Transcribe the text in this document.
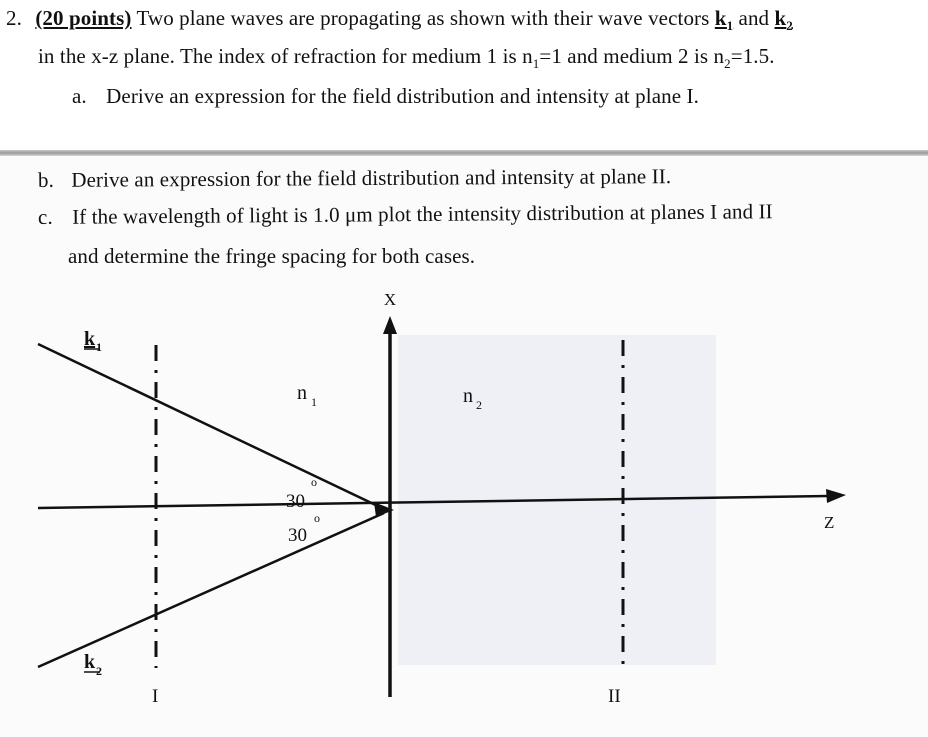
2. (20 points) Two plane waves are propagating as shown with their wave vectors $k_1$ and $k_2$
in the x-z plane. The index of refraction for medium 1 is $n_1=1$ and medium 2 is $n_2=1.5$.
a. Derive an expression for the field distribution and intensity at plane I.
b. Derive an expression for the field distribution and intensity at plane II.
c. If the wavelength of light is 1.0 μm plot the intensity distribution at planes I and II
and determine the fringe spacing for both cases.
X
Z
k 1
k 2
n 1	n 2
30
o
30
o
I	II
